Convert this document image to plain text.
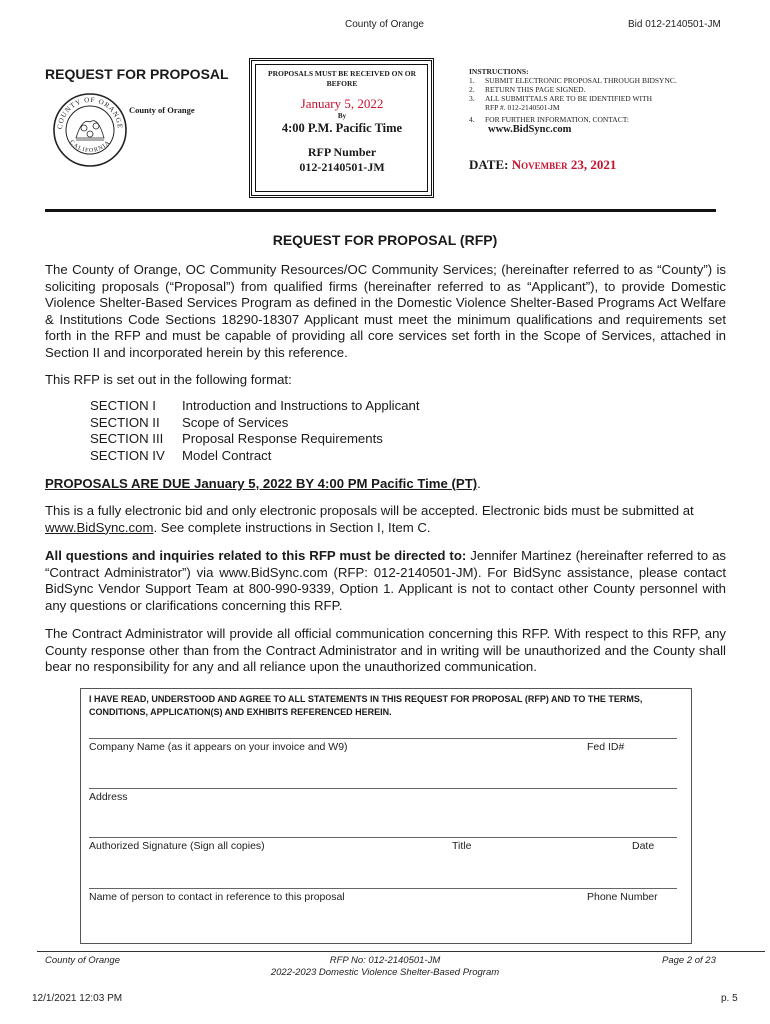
County of Orange	Bid 012-2140501-JM
REQUEST FOR PROPOSAL
COUNTY OF ORANGE
CALIFORNIA
County of Orange
PROPOSALS MUST BE RECEIVED ON OR BEFORE
January 5, 2022
By
4:00 P.M. Pacific Time
RFP Number
012-2140501-JM
INSTRUCTIONS:
1. SUBMIT ELECTRONIC PROPOSAL THROUGH BIDSYNC.
2. RETURN THIS PAGE SIGNED.
3. ALL SUBMITTALS ARE TO BE IDENTIFIED WITH RFP #. 012-2140501-JM
4. FOR FURTHER INFORMATION, CONTACT:
www.BidSync.com
DATE: November 23, 2021
REQUEST FOR PROPOSAL (RFP)
The County of Orange, OC Community Resources/OC Community Services; (hereinafter referred to as “County”) is soliciting proposals (“Proposal”) from qualified firms (hereinafter referred to as “Applicant”), to provide Domestic Violence Shelter-Based Services Program as defined in the Domestic Violence Shelter-Based Programs Act Welfare & Institutions Code Sections 18290-18307 Applicant must meet the minimum qualifications and requirements set forth in the RFP and must be capable of providing all core services set forth in the Scope of Services, attached in Section II and incorporated herein by this reference.
This RFP is set out in the following format:
SECTION I	Introduction and Instructions to Applicant
SECTION II	Scope of Services
SECTION III	Proposal Response Requirements
SECTION IV	Model Contract
PROPOSALS ARE DUE January 5, 2022 BY 4:00 PM Pacific Time (PT).
This is a fully electronic bid and only electronic proposals will be accepted. Electronic bids must be submitted at www.BidSync.com. See complete instructions in Section I, Item C.
All questions and inquiries related to this RFP must be directed to: Jennifer Martinez (hereinafter referred to as “Contract Administrator”) via www.BidSync.com (RFP: 012-2140501-JM). For BidSync assistance, please contact BidSync Vendor Support Team at 800-990-9339, Option 1. Applicant is not to contact other County personnel with any questions or clarifications concerning this RFP.
The Contract Administrator will provide all official communication concerning this RFP. With respect to this RFP, any County response other than from the Contract Administrator and in writing will be unauthorized and the County shall bear no responsibility for any and all reliance upon the unauthorized communication.
I HAVE READ, UNDERSTOOD AND AGREE TO ALL STATEMENTS IN THIS REQUEST FOR PROPOSAL (RFP) AND TO THE TERMS, CONDITIONS, APPLICATION(S) AND EXHIBITS REFERENCED HEREIN.
Company Name (as it appears on your invoice and W9)	Fed ID#
Address
Authorized Signature (Sign all copies)	Title	Date
Name of person to contact in reference to this proposal	Phone Number
County of Orange	RFP No: 012-2140501-JM
2022-2023 Domestic Violence Shelter-Based Program
Page 2 of 23
12/1/2021 12:03 PM	p. 5
